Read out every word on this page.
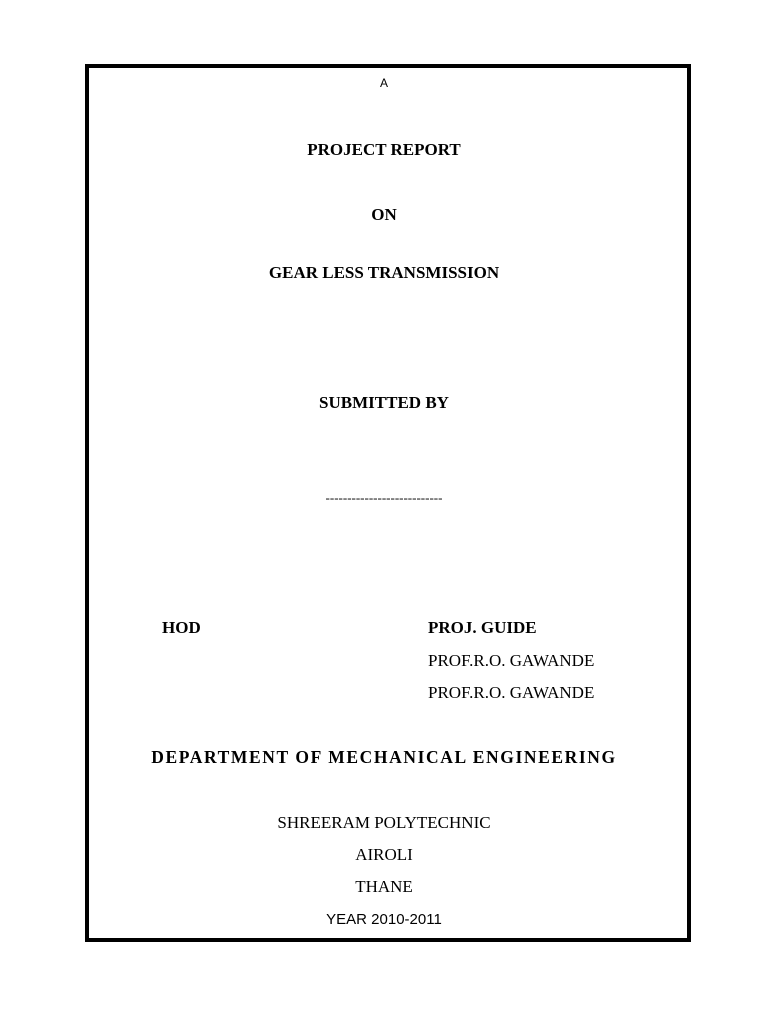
A
PROJECT REPORT
ON
GEAR LESS TRANSMISSION
SUBMITTED BY
---------------------------
HOD	PROJ. GUIDE
PROF.R.O. GAWANDE
PROF.R.O. GAWANDE
DEPARTMENT OF MECHANICAL ENGINEERING
SHREERAM POLYTECHNIC
AIROLI
THANE
YEAR 2010-2011
